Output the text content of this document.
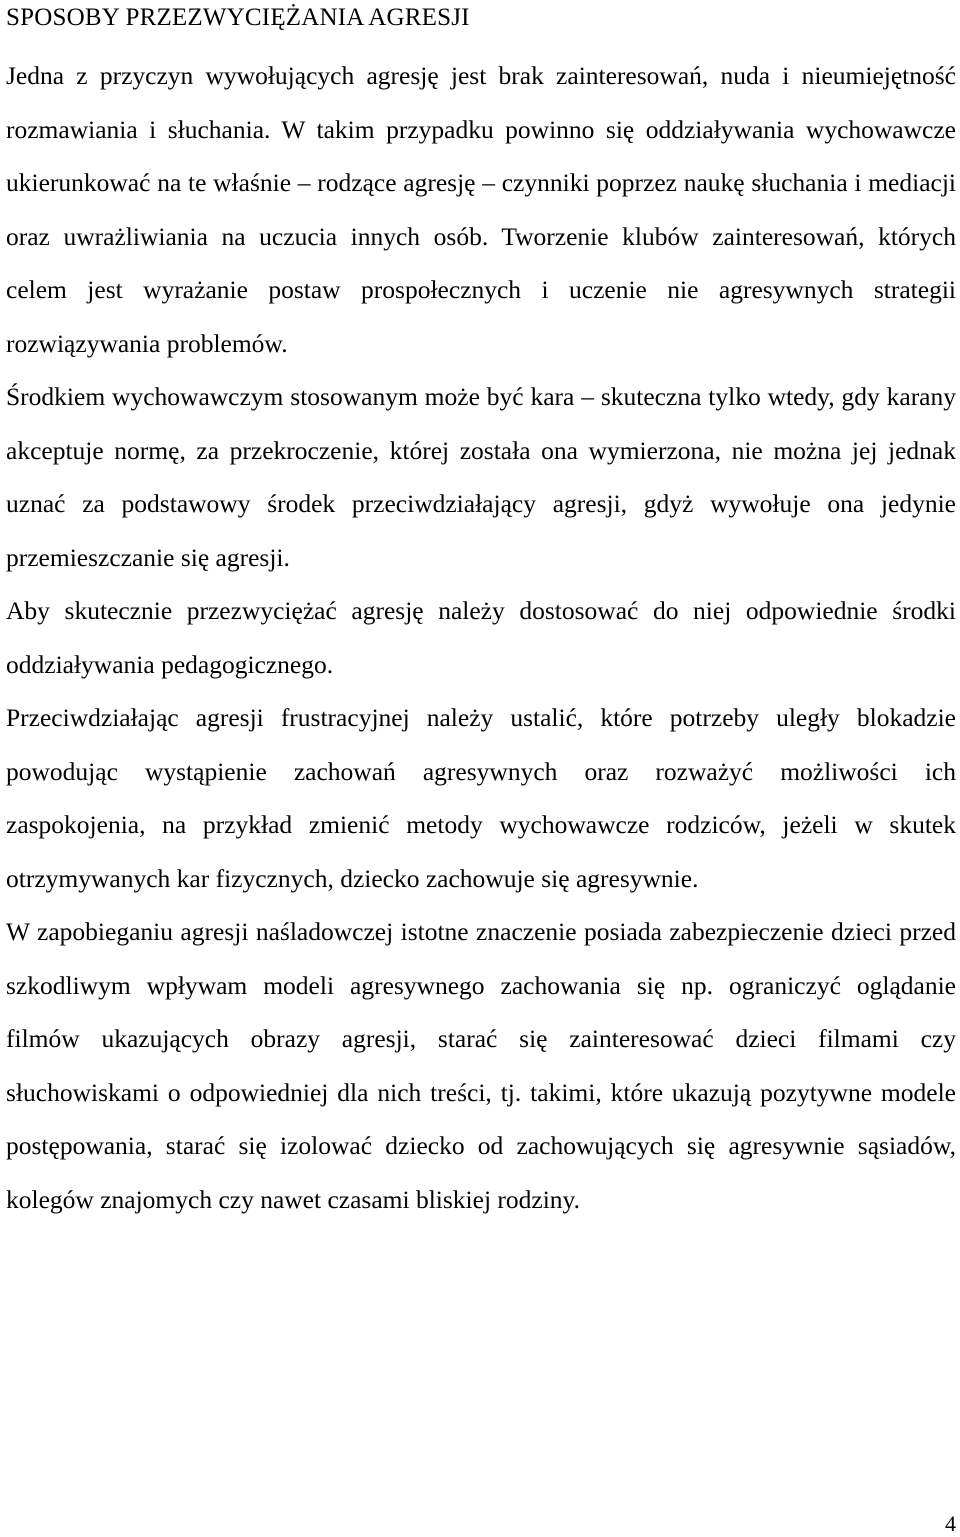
SPOSOBY PRZEZWYCIĘŻANIA AGRESJI

Jedna z przyczyn wywołujących agresję jest brak zainteresowań, nuda i nieumiejętność rozmawiania i słuchania. W takim przypadku powinno się oddziaływania wychowawcze ukierunkować na te właśnie – rodzące agresję – czynniki poprzez naukę słuchania i mediacji oraz uwrażliwiania na uczucia innych osób. Tworzenie klubów zainteresowań, których celem jest wyrażanie postaw prospołecznych i uczenie nie agresywnych strategii rozwiązywania problemów.

Środkiem wychowawczym stosowanym może być kara – skuteczna tylko wtedy, gdy karany akceptuje normę, za przekroczenie, której została ona wymierzona, nie można jej jednak uznać za podstawowy środek przeciwdziałający agresji, gdyż wywołuje ona jedynie przemieszczanie się agresji.

Aby skutecznie przezwyciężać agresję należy dostosować do niej odpowiednie środki oddziaływania pedagogicznego.

Przeciwdziałając agresji frustracyjnej należy ustalić, które potrzeby uległy blokadzie powodując wystąpienie zachowań agresywnych oraz rozważyć możliwości ich zaspokojenia, na przykład zmienić metody wychowawcze rodziców, jeżeli w skutek otrzymywanych kar fizycznych, dziecko zachowuje się agresywnie.

W zapobieganiu agresji naśladowczej istotne znaczenie posiada zabezpieczenie dzieci przed szkodliwym wpływam modeli agresywnego zachowania się np. ograniczyć oglądanie filmów ukazujących obrazy agresji, starać się zainteresować dzieci filmami czy słuchowiskami o odpowiedniej dla nich treści, tj. takimi, które ukazują pozytywne modele postępowania, starać się izolować dziecko od zachowujących się agresywnie sąsiadów, kolegów znajomych czy nawet czasami bliskiej rodziny.

4
